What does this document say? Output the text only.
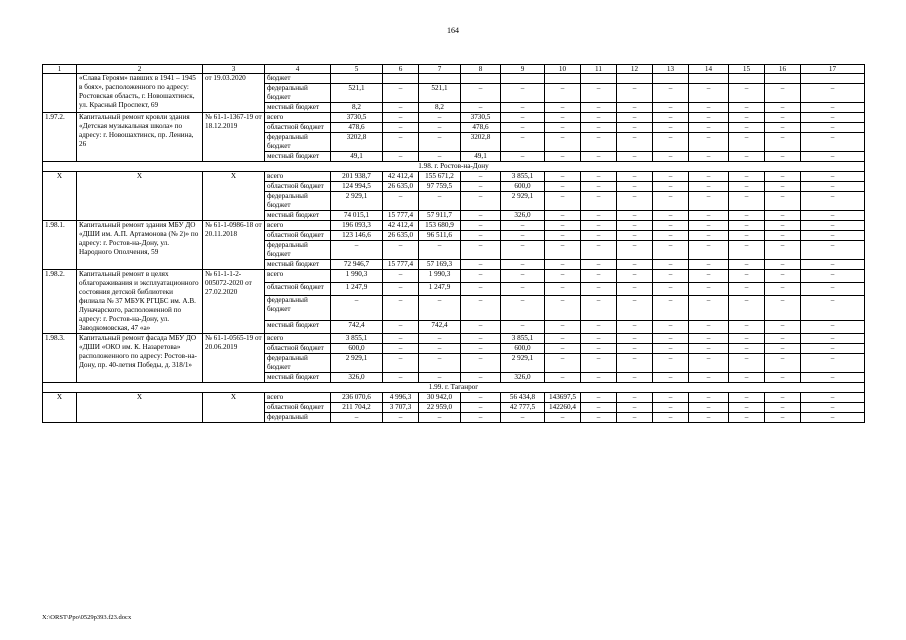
164
1	2	3	4	5	6	7	8	9	10	11	12	13	14	15	16	17
	«Слава Героям» павших в 1941 – 1945 в боях», расположенного по адресу: Ростовская область, г. Новошахтинск, ул. Красный Проспект, 69	от 19.03.2020	бюджет													
			федеральный бюджет	521,1	–	521,1	–	–	–	–	–	–	–	–	–	–
			местный бюджет	8,2	–	8,2	–	–	–	–	–	–	–	–	–	–
1.97.2.	Капитальный ремонт кровли здания «Детская музыкальная школа» по адресу: г. Новошахтинск, пр. Ленина, 26	№ 61-1-1367-19 от 18.12.2019	всего	3730,5	–	–	3730,5	–	–	–	–	–	–	–	–	–
			областной бюджет	478,6	–	–	478,6	–	–	–	–	–	–	–	–	–
			федеральный бюджет	3202,8	–	–	3202,8	–	–	–	–	–	–	–	–	–
			местный бюджет	49,1	–	–	49,1	–	–	–	–	–	–	–	–	–
1.98. г. Ростов-на-Дону																
Х	Х	Х	всего	201 938,7	42 412,4	155 671,2	–	3 855,1	–	–	–	–	–	–	–	–
			областной бюджет	124 994,5	26 635,0	97 759,5	–	600,0	–	–	–	–	–	–	–	–
			федеральный бюджет	2 929,1	–	–	–	2 929,1	–	–	–	–	–	–	–	–
			местный бюджет	74 015,1	15 777,4	57 911,7	–	326,0	–	–	–	–	–	–	–	–
1.98.1.	Капитальный ремонт здания МБУ ДО «ДШИ им. А.П. Артамонова (№ 2)» по адресу: г. Ростов-на-Дону, ул. Народного Ополчения, 59	№ 61-1-0986-18 от 20.11.2018	всего	196 093,3	42 412,4	153 680,9	–	–	–	–	–	–	–	–	–	–
			областной бюджет	123 146,6	26 635,0	96 511,6	–	–	–	–	–	–	–	–	–	–
			федеральный бюджет	–	–	–	–	–	–	–	–	–	–	–	–	–
			местный бюджет	72 946,7	15 777,4	57 169,3	–	–	–	–	–	–	–	–	–	–
1.98.2.	Капитальный ремонт в целях облагораживания и эксплуатационного состояния детской библиотеки филиала № 37 МБУК РГЦБС им. А.В. Луначарского, расположенной по адресу: г. Ростов-на-Дону, ул. Заводкомовская, 47 «а»	№ 61-1-1-2-005072-2020 от 27.02.2020	всего	1 990,3	–	1 990,3	–	–	–	–	–	–	–	–	–	–
			областной бюджет	1 247,9	–	1 247,9	–	–	–	–	–	–	–	–	–	–
			федеральный бюджет	–	–	–	–	–	–	–	–	–	–	–	–	–
			местный бюджет	742,4	–	742,4	–	–	–	–	–	–	–	–	–	–
1.98.3.	Капитальный ремонт фасада МБУ ДО «ДШИ «ОКО им. К. Назаретова» расположенного по адресу: Ростов-на-Дону, пр. 40-летия Победы, д. 318/1»	№ 61-1-0565-19 от 20.06.2019	всего	3 855,1	–	–	–	3 855,1	–	–	–	–	–	–	–	–
			областной бюджет	600,0	–	–	–	600,0	–	–	–	–	–	–	–	–
			федеральный бюджет	2 929,1	–	–	–	2 929,1	–	–	–	–	–	–	–	–
			местный бюджет	326,0	–	–	–	326,0	–	–	–	–	–	–	–	–
1.99. г. Таганрог																
Х	Х	Х	всего	236 070,6	4 996,3	30 942,0	–	56 434,8	143697,5	–	–	–	–	–	–	–
			областной бюджет	211 704,2	3 707,3	22 959,0	–	42 777,5	142260,4	–	–	–	–	–	–	–
			федеральный	–	–	–	–	–	–	–	–	–	–	–	–	–
X:\ORST\Ppo\0529p393.f23.docx
